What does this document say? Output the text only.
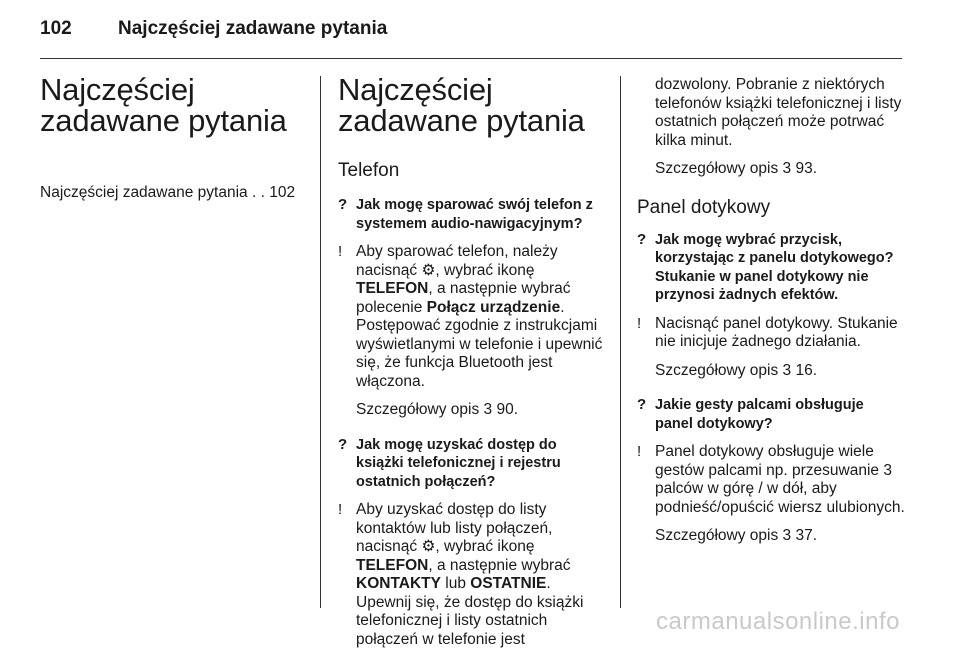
102 Najczęściej zadawane pytania
Najczęściej zadawane pytania
Najczęściej zadawane pytania . . 102
Najczęściej zadawane pytania
Telefon
? Jak mogę sparować swój telefon z systemem audio-nawigacyjnym?
! Aby sparować telefon, należy nacisnąć ⚙, wybrać ikonę TELEFON, a następnie wybrać polecenie Połącz urządzenie. Postępować zgodnie z instrukcjami wyświetlanymi w telefonie i upewnić się, że funkcja Bluetooth jest włączona.
Szczegółowy opis 3 90.
? Jak mogę uzyskać dostęp do książki telefonicznej i rejestru ostatnich połączeń?
! Aby uzyskać dostęp do listy kontaktów lub listy połączeń, nacisnąć ⚙, wybrać ikonę TELEFON, a następnie wybrać KONTAKTY lub OSTATNIE. Upewnij się, że dostęp do książki telefonicznej i listy ostatnich połączeń w telefonie jest
dozwolony. Pobranie z niektórych telefonów książki telefonicznej i listy ostatnich połączeń może potrwać kilka minut.
Szczegółowy opis 3 93.
Panel dotykowy
? Jak mogę wybrać przycisk, korzystając z panelu dotykowego? Stukanie w panel dotykowy nie przynosi żadnych efektów.
! Nacisnąć panel dotykowy. Stukanie nie inicjuje żadnego działania.
Szczegółowy opis 3 16.
? Jakie gesty palcami obsługuje panel dotykowy?
! Panel dotykowy obsługuje wiele gestów palcami np. przesuwanie 3 palców w górę / w dół, aby podnieść/opuścić wiersz ulubionych.
Szczegółowy opis 3 37.
carmanualsonline.info
